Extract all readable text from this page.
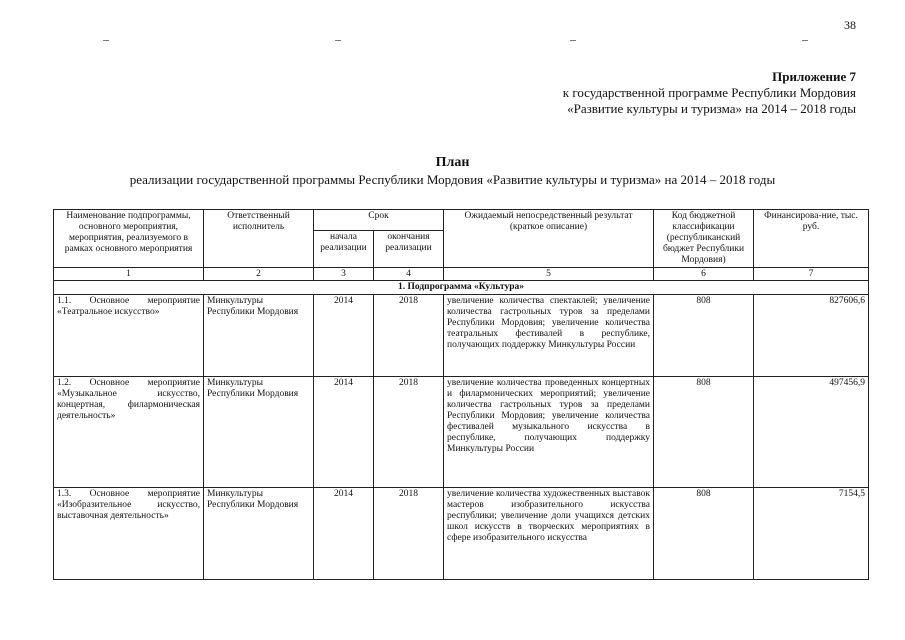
38
Приложение 7
к государственной программе Республики Мордовия
«Развитие культуры и туризма» на 2014 – 2018 годы
План
реализации государственной программы Республики Мордовия «Развитие культуры и туризма» на 2014 – 2018 годы
Наименование подпрограммы, основного мероприятия, мероприятия, реализуемого в рамках основного мероприятия	Ответственный исполнитель	Срок		Ожидаемый непосредственный результат (краткое описание)	Код бюджетной классификации (республиканский бюджет Республики Мордовия)	Финансирова-ние, тыс. руб.
		начала реализации	окончания реализации			
1	2	3	4	5	6	7
1. Подпрограмма «Культура»						
1.1. Основное мероприятие «Театральное искусство»	Минкультуры Республики Мордовия	2014	2018	увеличение количества спектаклей; увеличение количества гастрольных туров за пределами Республики Мордовия; увеличение количества театральных фестивалей в республике, получающих поддержку Минкультуры России	808	827606,6
1.2. Основное мероприятие «Музыкальное искусство, концертная, филармоническая деятельность»	Минкультуры Республики Мордовия	2014	2018	увеличение количества проведенных концертных и филармонических мероприятий; увеличение количества гастрольных туров за пределами Республики Мордовия; увеличение количества фестивалей музыкального искусства в республике, получающих поддержку Минкультуры России	808	497456,9
1.3. Основное мероприятие «Изобразительное искусство, выставочная деятельность»	Минкультуры Республики Мордовия	2014	2018	увеличение количества художественных выставок мастеров изобразительного искусства республики; увеличение доли учащихся детских школ искусств в творческих мероприятиях в сфере изобразительного искусства	808	7154,5
